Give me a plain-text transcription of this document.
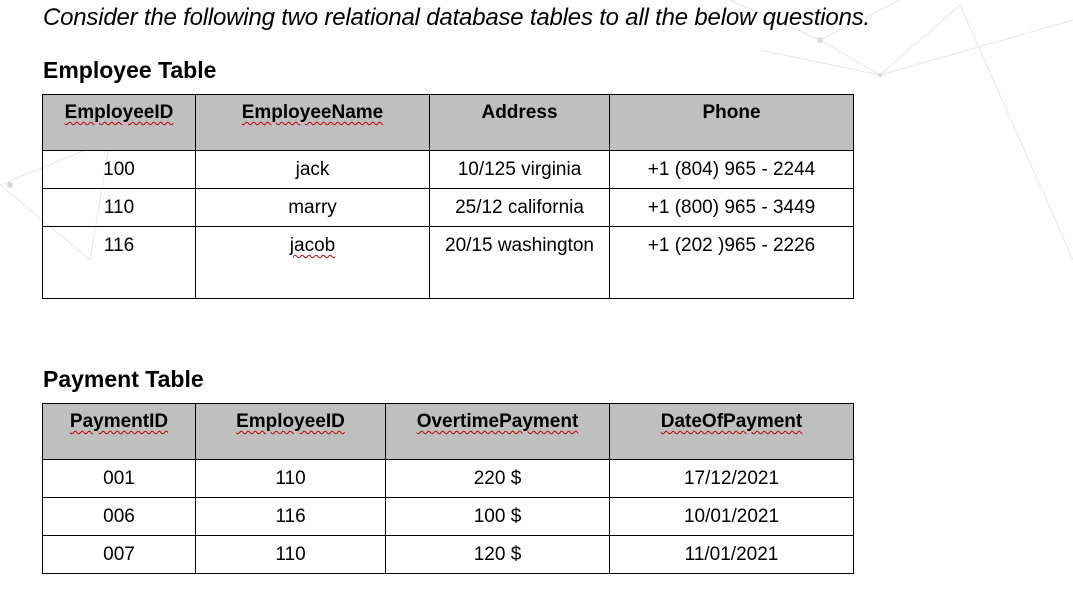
Consider the following two relational database tables to all the below questions.
Employee Table
EmployeeID	EmployeeName	Address	Phone
100	jack	10/125 virginia	+1 (804) 965 - 2244
110	marry	25/12 california	+1 (800) 965 - 3449
116	jacob	20/15 washington	+1 (202 )965 - 2226
Payment Table
PaymentID	EmployeeID	OvertimePayment	DateOfPayment
001	110	220 $	17/12/2021
006	116	100 $	10/01/2021
007	110	120 $	11/01/2021
